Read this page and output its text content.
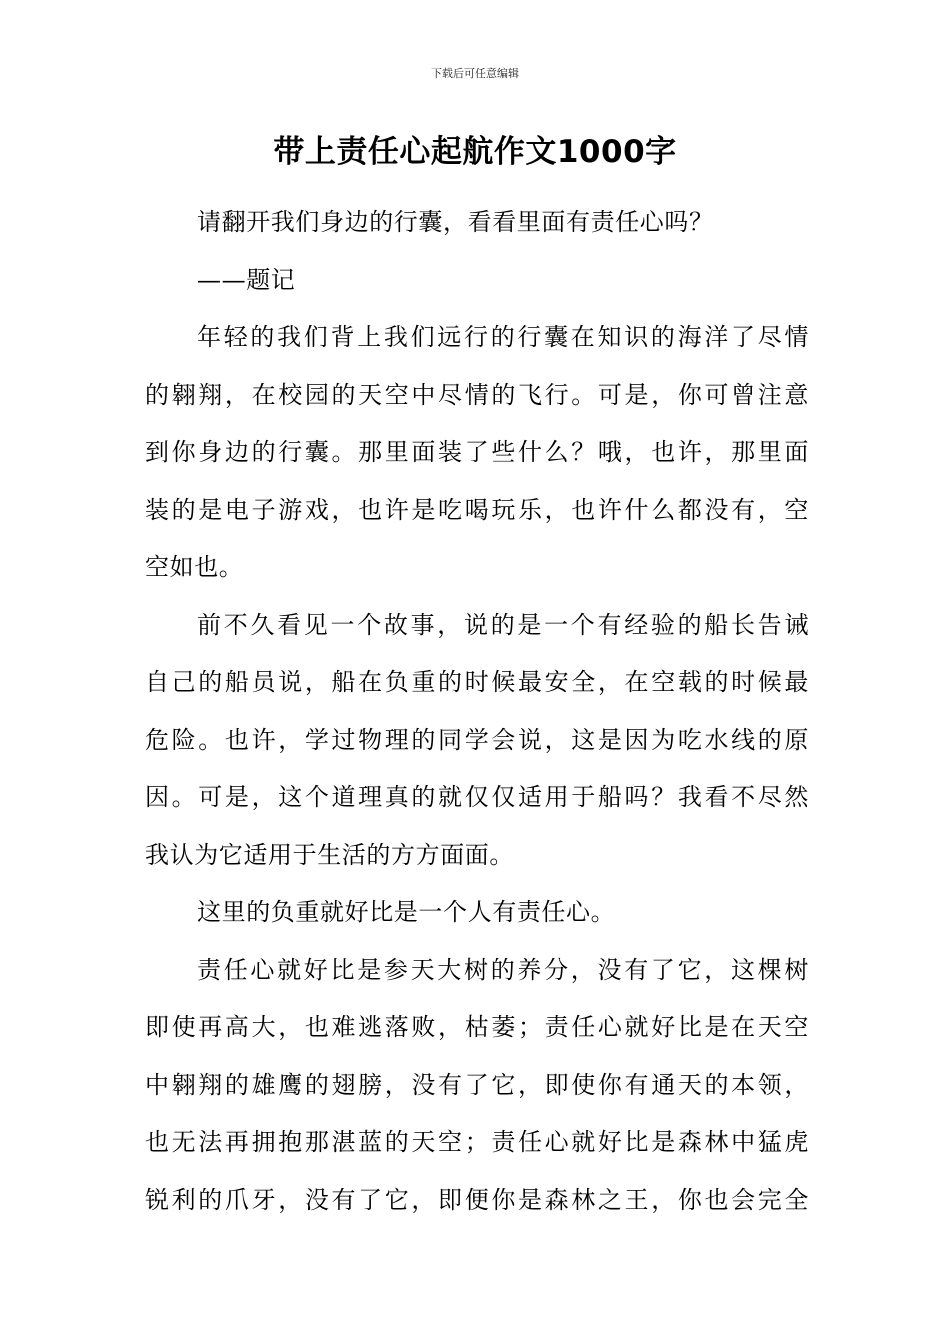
下载后可任意编辑
带上责任心起航作文1000字
请翻开我们身边的行囊，看看里面有责任心吗？
——题记
年轻的我们背上我们远行的行囊在知识的海洋了尽情
的翱翔，在校园的天空中尽情的飞行。可是，你可曾注意
到你身边的行囊。那里面装了些什么？哦，也许，那里面
装的是电子游戏，也许是吃喝玩乐，也许什么都没有，空
空如也。
前不久看见一个故事，说的是一个有经验的船长告诫
自己的船员说，船在负重的时候最安全，在空载的时候最
危险。也许，学过物理的同学会说，这是因为吃水线的原
因。可是，这个道理真的就仅仅适用于船吗？我看不尽然
我认为它适用于生活的方方面面。
这里的负重就好比是一个人有责任心。
责任心就好比是参天大树的养分，没有了它，这棵树
即使再高大，也难逃落败，枯萎；责任心就好比是在天空
中翱翔的雄鹰的翅膀，没有了它，即使你有通天的本领，
也无法再拥抱那湛蓝的天空；责任心就好比是森林中猛虎
锐利的爪牙，没有了它，即便你是森林之王，你也会完全
